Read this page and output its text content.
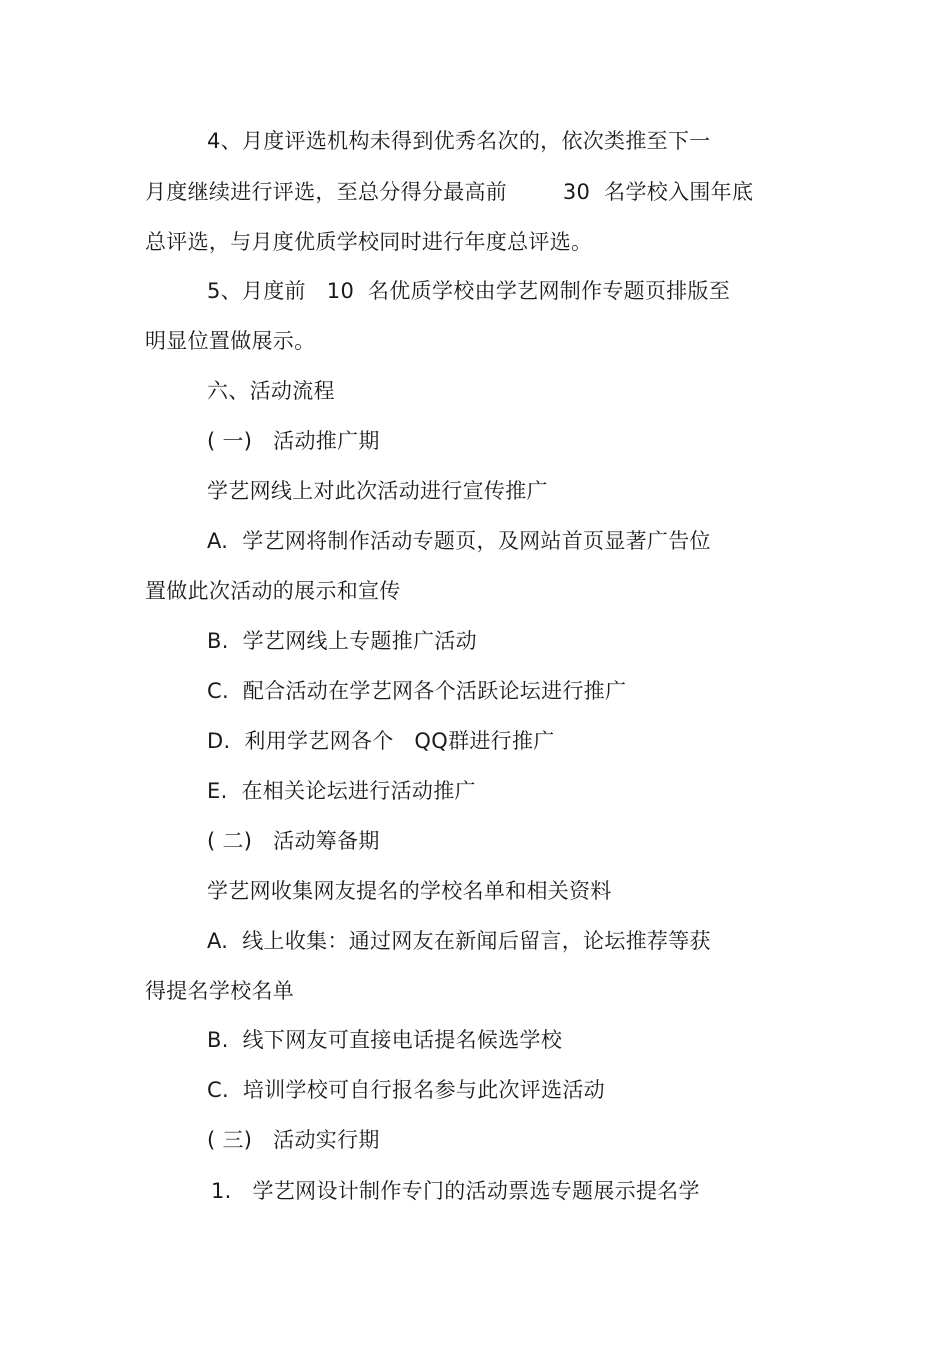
4、月度评选机构未得到优秀名次的，依次类推至下一
月度继续进行评选，至总分得分最高前        30  名学校入围年底
总评选，与月度优质学校同时进行年度总评选。
5、月度前   10  名优质学校由学艺网制作专题页排版至
明显位置做展示。
六、活动流程
( 一)   活动推广期
学艺网线上对此次活动进行宣传推广
A.  学艺网将制作活动专题页，及网站首页显著广告位
置做此次活动的展示和宣传
B.  学艺网线上专题推广活动
C.  配合活动在学艺网各个活跃论坛进行推广
D.  利用学艺网各个   QQ群进行推广
E.  在相关论坛进行活动推广
( 二)   活动筹备期
学艺网收集网友提名的学校名单和相关资料
A.  线上收集：通过网友在新闻后留言，论坛推荐等获
得提名学校名单
B.  线下网友可直接电话提名候选学校
C.  培训学校可自行报名参与此次评选活动
( 三)   活动实行期
1.   学艺网设计制作专门的活动票选专题展示提名学
